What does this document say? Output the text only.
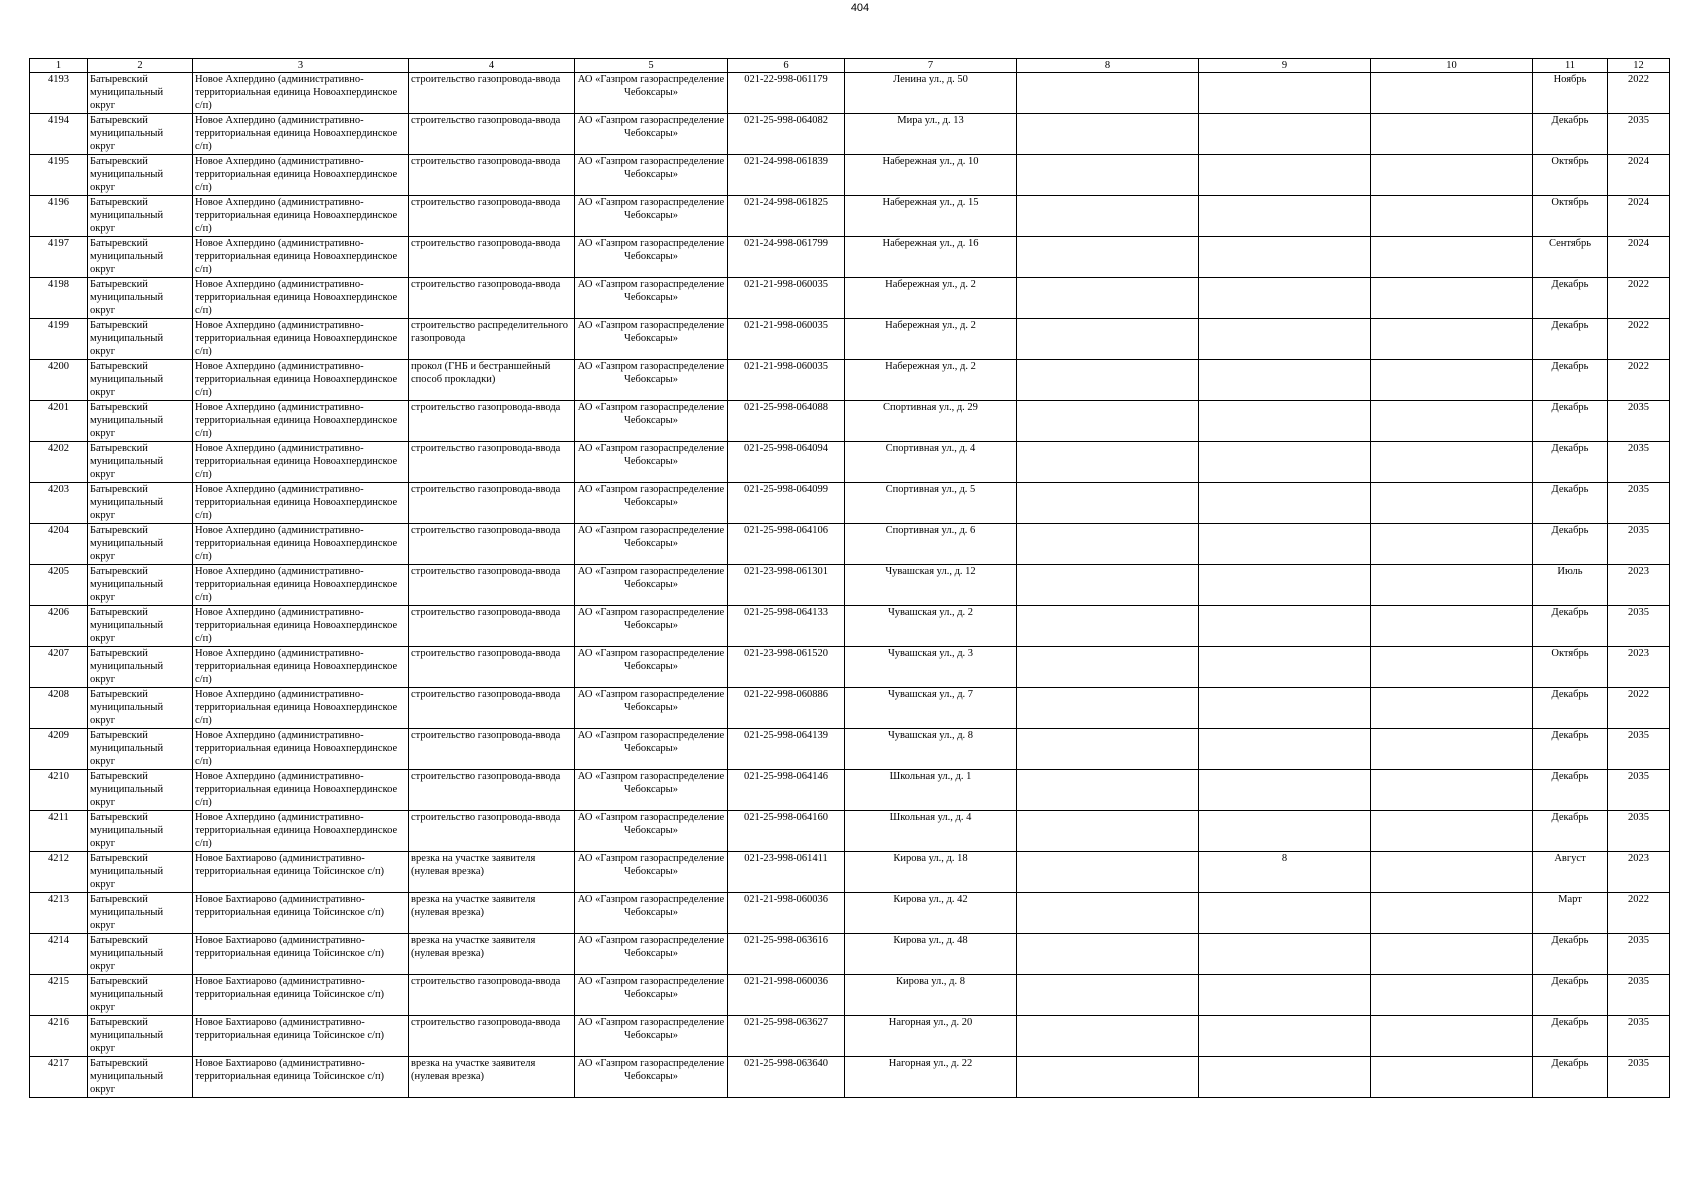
404
1	2	3	4	5	6	7	8	9	10	11	12

4193	Батыревский муниципальный округ	Новое Ахпердино (административно-территориальная единица Новоахпердинское с/п)	строительство газопровода-ввода	АО «Газпром газораспределение Чебоксары»	021-22-998-061179	Ленина ул., д. 50				Ноябрь	2022

4194	Батыревский муниципальный округ	Новое Ахпердино (административно-территориальная единица Новоахпердинское с/п)	строительство газопровода-ввода	АО «Газпром газораспределение Чебоксары»	021-25-998-064082	Мира ул., д. 13				Декабрь	2035

4195	Батыревский муниципальный округ	Новое Ахпердино (административно-территориальная единица Новоахпердинское с/п)	строительство газопровода-ввода	АО «Газпром газораспределение Чебоксары»	021-24-998-061839	Набережная ул., д. 10				Октябрь	2024

4196	Батыревский муниципальный округ	Новое Ахпердино (административно-территориальная единица Новоахпердинское с/п)	строительство газопровода-ввода	АО «Газпром газораспределение Чебоксары»	021-24-998-061825	Набережная ул., д. 15				Октябрь	2024

4197	Батыревский муниципальный округ	Новое Ахпердино (административно-территориальная единица Новоахпердинское с/п)	строительство газопровода-ввода	АО «Газпром газораспределение Чебоксары»	021-24-998-061799	Набережная ул., д. 16				Сентябрь	2024

4198	Батыревский муниципальный округ	Новое Ахпердино (административно-территориальная единица Новоахпердинское с/п)	строительство газопровода-ввода	АО «Газпром газораспределение Чебоксары»	021-21-998-060035	Набережная ул., д. 2				Декабрь	2022

4199	Батыревский муниципальный округ	Новое Ахпердино (административно-территориальная единица Новоахпердинское с/п)	строительство распределительного газопровода	АО «Газпром газораспределение Чебоксары»	021-21-998-060035	Набережная ул., д. 2				Декабрь	2022

4200	Батыревский муниципальный округ	Новое Ахпердино (административно-территориальная единица Новоахпердинское с/п)	прокол (ГНБ и бестраншейный способ прокладки)	АО «Газпром газораспределение Чебоксары»	021-21-998-060035	Набережная ул., д. 2				Декабрь	2022

4201	Батыревский муниципальный округ	Новое Ахпердино (административно-территориальная единица Новоахпердинское с/п)	строительство газопровода-ввода	АО «Газпром газораспределение Чебоксары»	021-25-998-064088	Спортивная ул., д. 29				Декабрь	2035

4202	Батыревский муниципальный округ	Новое Ахпердино (административно-территориальная единица Новоахпердинское с/п)	строительство газопровода-ввода	АО «Газпром газораспределение Чебоксары»	021-25-998-064094	Спортивная ул., д. 4				Декабрь	2035

4203	Батыревский муниципальный округ	Новое Ахпердино (административно-территориальная единица Новоахпердинское с/п)	строительство газопровода-ввода	АО «Газпром газораспределение Чебоксары»	021-25-998-064099	Спортивная ул., д. 5				Декабрь	2035

4204	Батыревский муниципальный округ	Новое Ахпердино (административно-территориальная единица Новоахпердинское с/п)	строительство газопровода-ввода	АО «Газпром газораспределение Чебоксары»	021-25-998-064106	Спортивная ул., д. 6				Декабрь	2035

4205	Батыревский муниципальный округ	Новое Ахпердино (административно-территориальная единица Новоахпердинское с/п)	строительство газопровода-ввода	АО «Газпром газораспределение Чебоксары»	021-23-998-061301	Чувашская ул., д. 12				Июль	2023

4206	Батыревский муниципальный округ	Новое Ахпердино (административно-территориальная единица Новоахпердинское с/п)	строительство газопровода-ввода	АО «Газпром газораспределение Чебоксары»	021-25-998-064133	Чувашская ул., д. 2				Декабрь	2035

4207	Батыревский муниципальный округ	Новое Ахпердино (административно-территориальная единица Новоахпердинское с/п)	строительство газопровода-ввода	АО «Газпром газораспределение Чебоксары»	021-23-998-061520	Чувашская ул., д. 3				Октябрь	2023

4208	Батыревский муниципальный округ	Новое Ахпердино (административно-территориальная единица Новоахпердинское с/п)	строительство газопровода-ввода	АО «Газпром газораспределение Чебоксары»	021-22-998-060886	Чувашская ул., д. 7				Декабрь	2022

4209	Батыревский муниципальный округ	Новое Ахпердино (административно-территориальная единица Новоахпердинское с/п)	строительство газопровода-ввода	АО «Газпром газораспределение Чебоксары»	021-25-998-064139	Чувашская ул., д. 8				Декабрь	2035

4210	Батыревский муниципальный округ	Новое Ахпердино (административно-территориальная единица Новоахпердинское с/п)	строительство газопровода-ввода	АО «Газпром газораспределение Чебоксары»	021-25-998-064146	Школьная ул., д. 1				Декабрь	2035

4211	Батыревский муниципальный округ	Новое Ахпердино (административно-территориальная единица Новоахпердинское с/п)	строительство газопровода-ввода	АО «Газпром газораспределение Чебоксары»	021-25-998-064160	Школьная ул., д. 4				Декабрь	2035

4212	Батыревский муниципальный округ	Новое Бахтиарово (административно-территориальная единица Тойсинское с/п)	врезка на участке заявителя (нулевая врезка)	АО «Газпром газораспределение Чебоксары»	021-23-998-061411	Кирова ул., д. 18		8		Август	2023

4213	Батыревский муниципальный округ	Новое Бахтиарово (административно-территориальная единица Тойсинское с/п)	врезка на участке заявителя (нулевая врезка)	АО «Газпром газораспределение Чебоксары»	021-21-998-060036	Кирова ул., д. 42				Март	2022

4214	Батыревский муниципальный округ	Новое Бахтиарово (административно-территориальная единица Тойсинское с/п)	врезка на участке заявителя (нулевая врезка)	АО «Газпром газораспределение Чебоксары»	021-25-998-063616	Кирова ул., д. 48				Декабрь	2035

4215	Батыревский муниципальный округ	Новое Бахтиарово (административно-территориальная единица Тойсинское с/п)	строительство газопровода-ввода	АО «Газпром газораспределение Чебоксары»	021-21-998-060036	Кирова ул., д. 8				Декабрь	2035

4216	Батыревский муниципальный округ	Новое Бахтиарово (административно-территориальная единица Тойсинское с/п)	строительство газопровода-ввода	АО «Газпром газораспределение Чебоксары»	021-25-998-063627	Нагорная ул., д. 20				Декабрь	2035

4217	Батыревский муниципальный округ	Новое Бахтиарово (административно-территориальная единица Тойсинское с/п)	врезка на участке заявителя (нулевая врезка)	АО «Газпром газораспределение Чебоксары»	021-25-998-063640	Нагорная ул., д. 22				Декабрь	2035
